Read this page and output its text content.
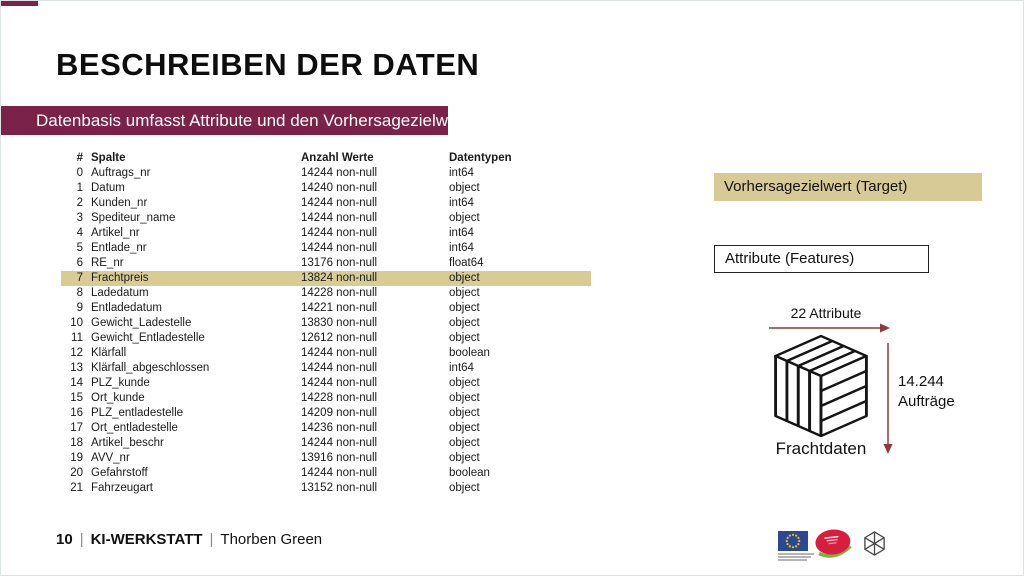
BESCHREIBEN DER DATEN
Datenbasis umfasst Attribute und den Vorhersagezielwert
# Spalte	Anzahl Werte	Datentypen
0 Auftrags_nr	14244 non-null	int64
1 Datum	14240 non-null	object
2 Kunden_nr	14244 non-null	int64
3 Spediteur_name	14244 non-null	object
4 Artikel_nr	14244 non-null	int64
5 Entlade_nr	14244 non-null	int64
6 RE_nr	13176 non-null	float64
7 Frachtpreis	13824 non-null	object
8 Ladedatum	14228 non-null	object
9 Entladedatum	14221 non-null	object
10 Gewicht_Ladestelle	13830 non-null	object
11 Gewicht_Entladestelle	12612 non-null	object
12 Klärfall	14244 non-null	boolean
13 Klärfall_abgeschlossen	14244 non-null	int64
14 PLZ_kunde	14244 non-null	object
15 Ort_kunde	14228 non-null	object
16 PLZ_entladestelle	14209 non-null	object
17 Ort_entladestelle	14236 non-null	object
18 Artikel_beschr	14244 non-null	object
19 AVV_nr	13916 non-null	object
20 Gefahrstoff	14244 non-null	boolean
21 Fahrzeugart	13152 non-null	object
Vorhersagezielwert (Target)
Attribute (Features)
22 Attribute
14.244
Aufträge
Frachtdaten
10 | KI-WERKSTATT | Thorben Green
